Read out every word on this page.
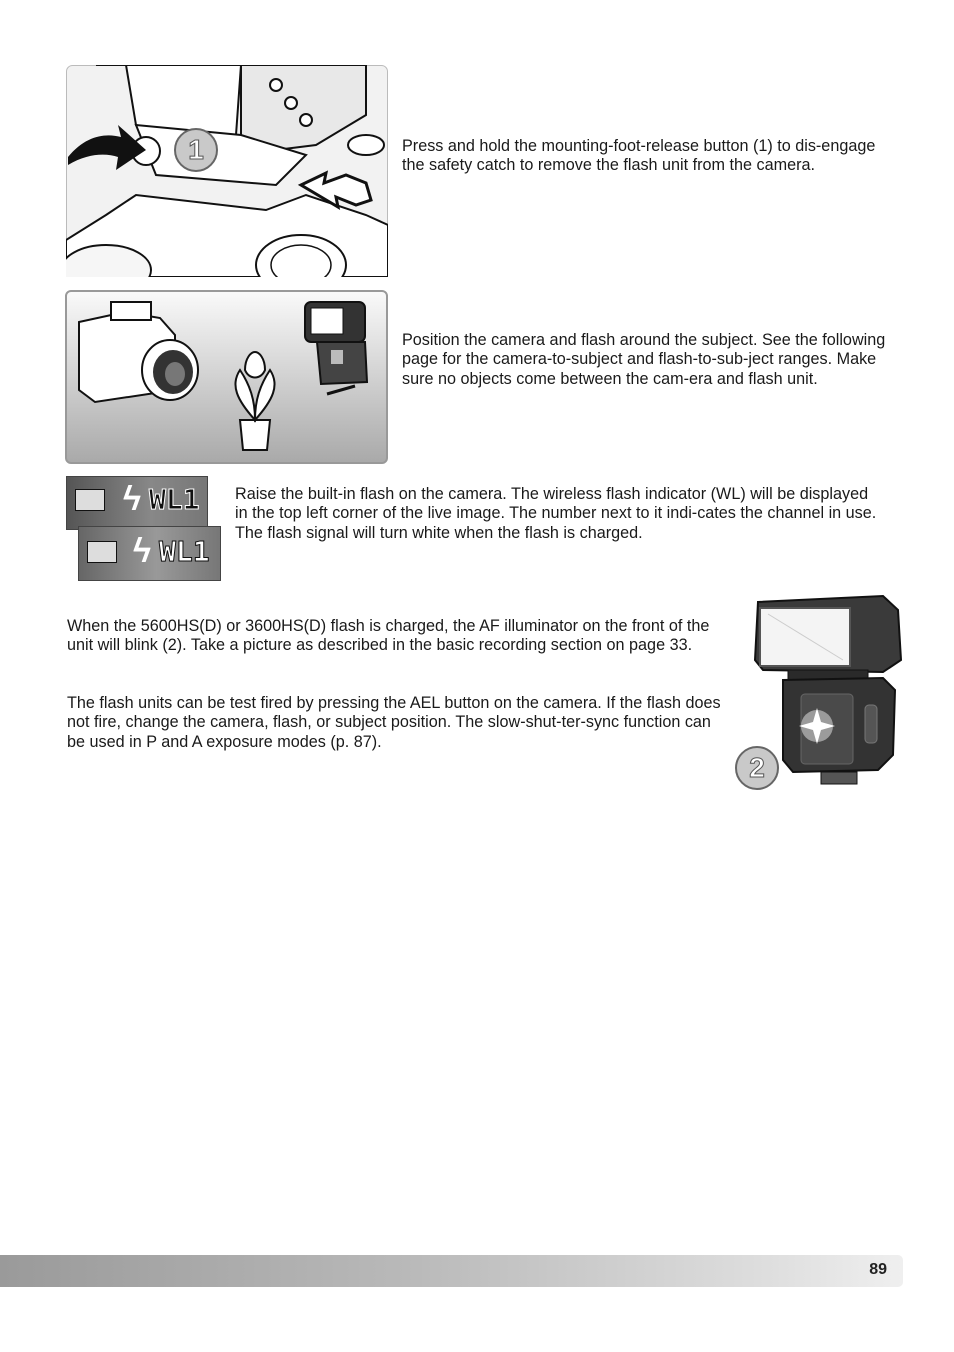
1	Press and hold the mounting-foot-release button (1) to dis-engage the safety catch to remove the flash unit from the camera.

Position the camera and flash around the subject. See the following page for the camera-to-subject and flash-to-sub-ject ranges. Make sure no objects come between the cam-era and flash unit.

ϟ WL1
ϟ WL1

Raise the built-in flash on the camera. The wireless flash indicator (WL) will be displayed in the top left corner of the live image. The number next to it indi-cates the channel in use. The flash signal will turn white when the flash is charged.

When the 5600HS(D) or 3600HS(D) flash is charged, the AF illuminator on the front of the unit will blink (2). Take a picture as described in the basic recording section on page 33.

The flash units can be test fired by pressing the AEL button on the camera. If the flash does not fire, change the camera, flash, or subject position. The slow-shut-ter-sync function can be used in P and A exposure modes (p. 87).

2
89
